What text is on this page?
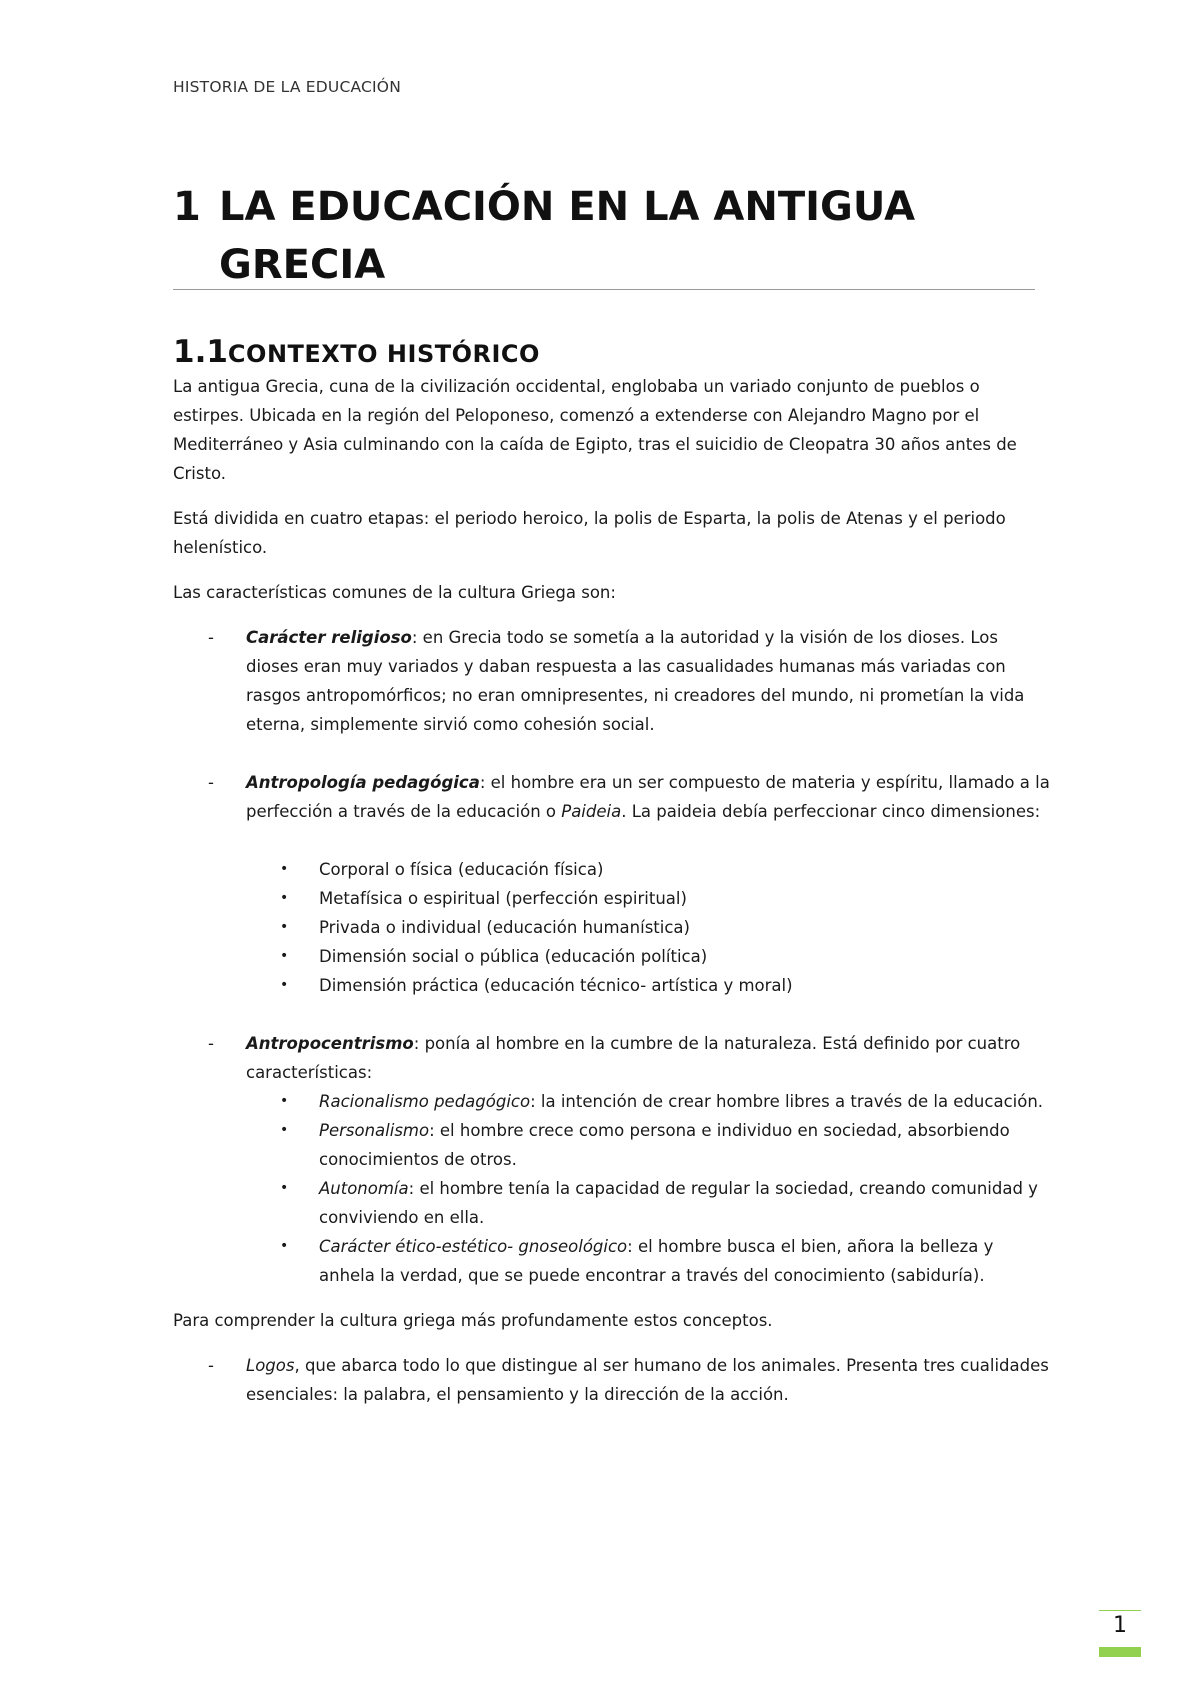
HISTORIA DE LA EDUCACIÓN
1 LA EDUCACIÓN EN LA ANTIGUA
GRECIA
1.1CONTEXTO HISTÓRICO

La antigua Grecia, cuna de la civilización occidental, englobaba un variado conjunto de pueblos o estirpes. Ubicada en la región del Peloponeso, comenzó a extenderse con Alejandro Magno por el Mediterráneo y Asia culminando con la caída de Egipto, tras el suicidio de Cleopatra 30 años antes de Cristo.

Está dividida en cuatro etapas: el periodo heroico, la polis de Esparta, la polis de Atenas y el periodo helenístico.

Las características comunes de la cultura Griega son:

- Carácter religioso: en Grecia todo se sometía a la autoridad y la visión de los dioses. Los dioses eran muy variados y daban respuesta a las casualidades humanas más variadas con rasgos antropomórficos; no eran omnipresentes, ni creadores del mundo, ni prometían la vida eterna, simplemente sirvió como cohesión social.
- Antropología pedagógica: el hombre era un ser compuesto de materia y espíritu, llamado a la perfección a través de la educación o Paideia. La paideia debía perfeccionar cinco dimensiones:
• Corporal o física (educación física)
• Metafísica o espiritual (perfección espiritual)
• Privada o individual (educación humanística)
• Dimensión social o pública (educación política)
• Dimensión práctica (educación técnico- artística y moral)
- Antropocentrismo: ponía al hombre en la cumbre de la naturaleza. Está definido por cuatro características:
• Racionalismo pedagógico: la intención de crear hombre libres a través de la educación.
• Personalismo: el hombre crece como persona e individuo en sociedad, absorbiendo conocimientos de otros.
• Autonomía: el hombre tenía la capacidad de regular la sociedad, creando comunidad y conviviendo en ella.
• Carácter ético-estético- gnoseológico: el hombre busca el bien, añora la belleza y anhela la verdad, que se puede encontrar a través del conocimiento (sabiduría).

Para comprender la cultura griega más profundamente estos conceptos.

- Logos, que abarca todo lo que distingue al ser humano de los animales. Presenta tres cualidades esenciales: la palabra, el pensamiento y la dirección de la acción.
1
